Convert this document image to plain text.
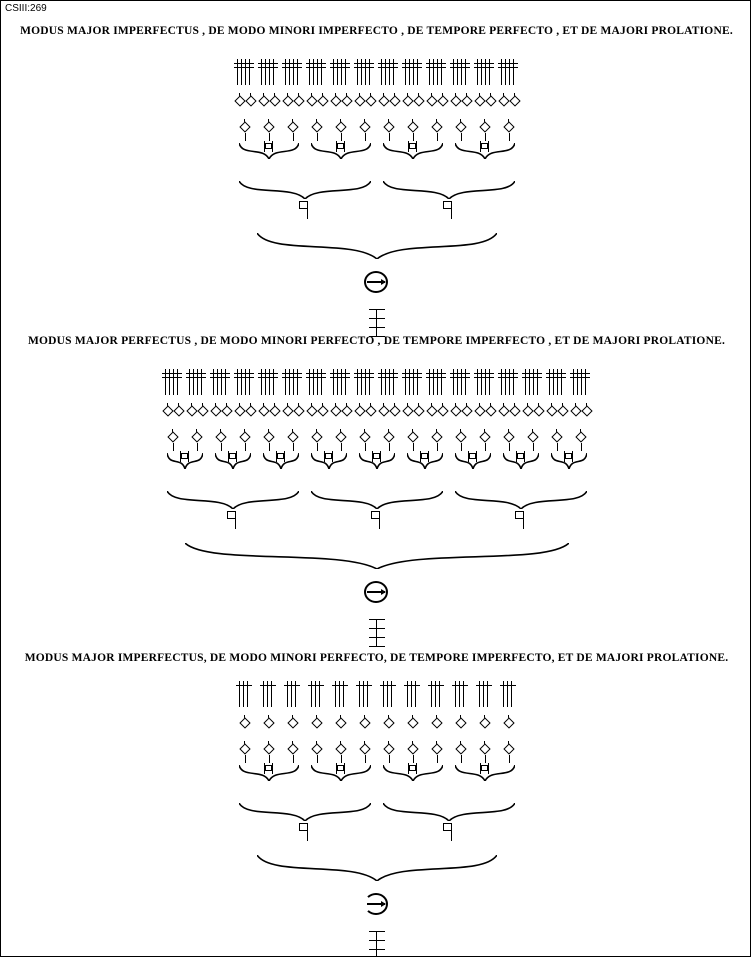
CSIII:269
MODUS MAJOR IMPERFECTUS , DE MODO MINORI IMPERFECTO , DE TEMPORE PERFECTO , ET DE MAJORI PROLATIONE.
MODUS MAJOR PERFECTUS , DE MODO MINORI PERFECTO , DE TEMPORE IMPERFECTO , ET DE MAJORI PROLATIONE.
MODUS MAJOR IMPERFECTUS, DE MODO MINORI PERFECTO, DE TEMPORE IMPERFECTO, ET DE MAJORI PROLATIONE.
